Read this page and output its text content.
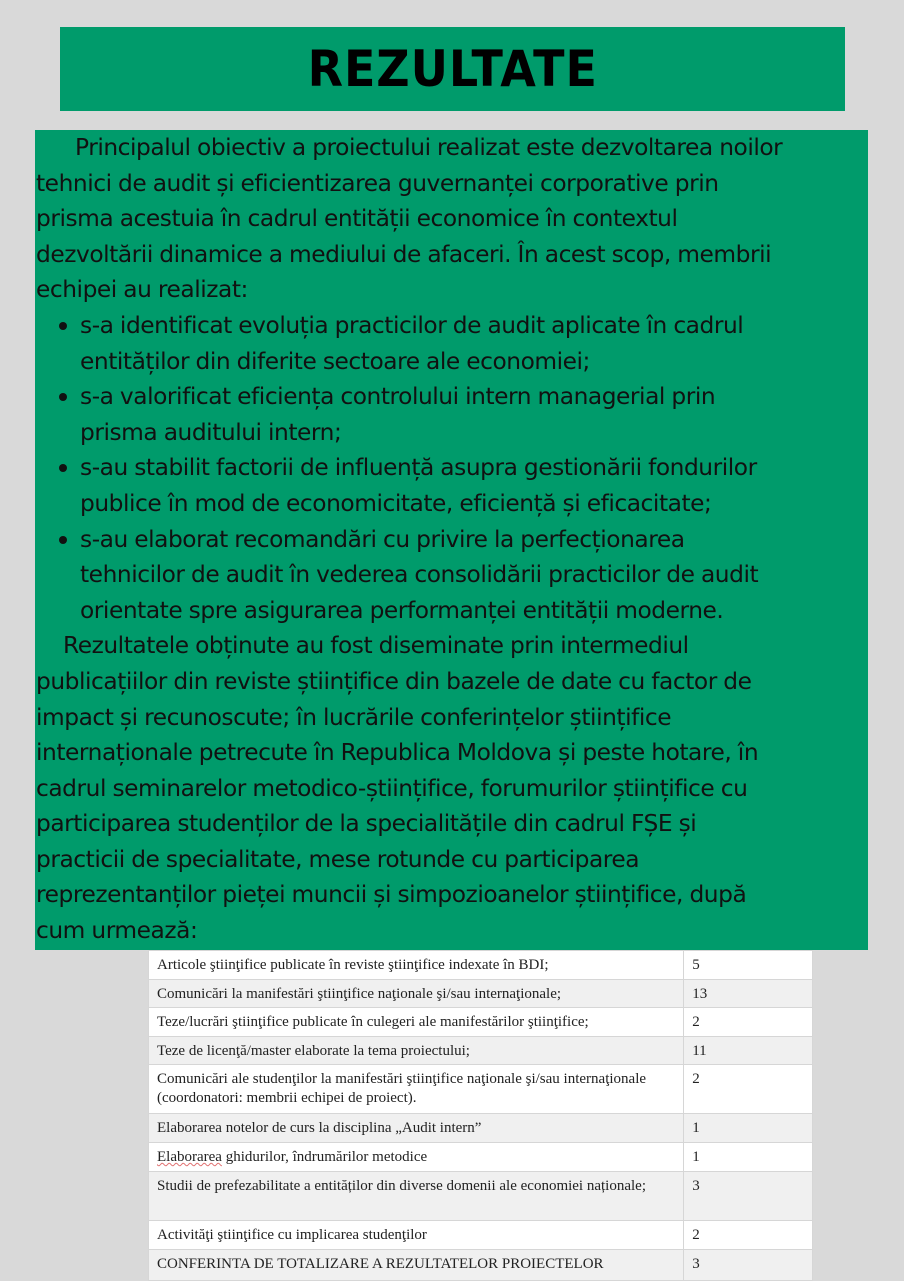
REZULTATE

Principalul obiectiv a proiectului realizat este dezvoltarea noilor
tehnici de audit și eficientizarea guvernanței corporative prin
prisma acestuia în cadrul entității economice în contextul
dezvoltării dinamice a mediului de afaceri. În acest scop, membrii
echipei au realizat:

s-a identificat evoluția practicilor de audit aplicate în cadrul
entităților din diferite sectoare ale economiei;
s-a valorificat eficiența controlului intern managerial prin
prisma auditului intern;
s-au stabilit factorii de influență asupra gestionării fondurilor
publice în mod de economicitate, eficiență și eficacitate;
s-au elaborat recomandări cu privire la perfecționarea
tehnicilor de audit în vederea consolidării practicilor de audit
orientate spre asigurarea performanței entității moderne.

Rezultatele obținute au fost diseminate prin intermediul
publicațiilor din reviste științifice din bazele de date cu factor de
impact și recunoscute; în lucrările conferințelor științifice
internaționale petrecute în Republica Moldova și peste hotare, în
cadrul seminarelor metodico-științifice, forumurilor științifice cu
participarea studenților de la specialitățile din cadrul FȘE și
practicii de specialitate, mese rotunde cu participarea
reprezentanților pieței muncii și simpozioanelor științifice, după
cum urmează:

Articole ştiinţifice publicate în reviste ştiinţifice indexate în BDI;	5
Comunicări la manifestări ştiinţifice naţionale şi/sau internaţionale;	13
Teze/lucrări ştiinţifice publicate în culegeri ale manifestărilor ştiinţifice;	2
Teze de licenţă/master elaborate la tema proiectului;	11
Comunicări ale studenţilor la manifestări ştiinţifice naţionale şi/sau internaţionale (coordonatori: membrii echipei de proiect).	2
Elaborarea notelor de curs la disciplina „Audit intern”	1
Elaborarea ghidurilor, îndrumărilor metodice	1
Studii de prefezabilitate a entităților din diverse domenii ale economiei naționale;	3
Activităţi ştiinţifice cu implicarea studenţilor	2
CONFERINTA DE TOTALIZARE A REZULTATELOR PROIECTELOR	3
